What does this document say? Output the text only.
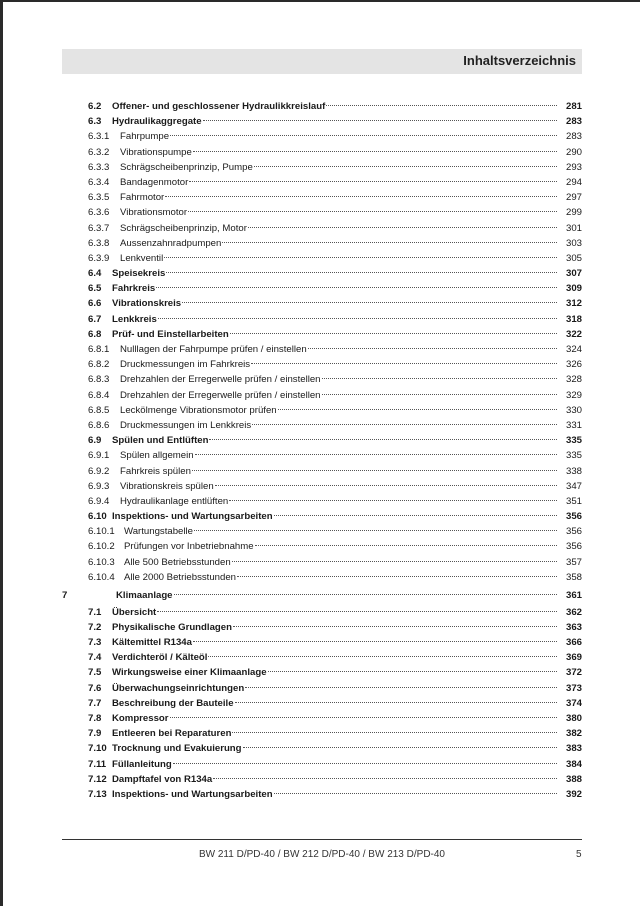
Inhaltsverzeichnis
6.2 Offener- und geschlossener Hydraulikkreislauf	281
6.3 Hydraulikaggregate	283
6.3.1	Fahrpumpe	283
6.3.2	Vibrationspumpe	290
6.3.3	Schrägscheibenprinzip, Pumpe	293
6.3.4	Bandagenmotor	294
6.3.5	Fahrmotor	297
6.3.6	Vibrationsmotor	299
6.3.7	Schrägscheibenprinzip, Motor	301
6.3.8	Aussenzahnradpumpen	303
6.3.9	Lenkventil	305
6.4 Speisekreis	307
6.5 Fahrkreis	309
6.6 Vibrationskreis	312
6.7 Lenkkreis	318
6.8 Prüf- und Einstellarbeiten	322
6.8.1	Nulllagen der Fahrpumpe prüfen / einstellen	324
6.8.2	Druckmessungen im Fahrkreis	326
6.8.3	Drehzahlen der Erregerwelle prüfen / einstellen	328
6.8.4	Drehzahlen der Erregerwelle prüfen / einstellen	329
6.8.5	Leckölmenge Vibrationsmotor prüfen	330
6.8.6	Druckmessungen im Lenkkreis	331
6.9 Spülen und Entlüften	335
6.9.1	Spülen allgemein	335
6.9.2	Fahrkreis spülen	338
6.9.3	Vibrationskreis spülen	347
6.9.4	Hydraulikanlage entlüften	351
6.10 Inspektions- und Wartungsarbeiten	356
6.10.1 Wartungstabelle	356
6.10.2 Prüfungen vor Inbetriebnahme	356
6.10.3 Alle 500 Betriebsstunden	357
6.10.4 Alle 2000 Betriebsstunden	358
7	Klimaanlage	361
7.1 Übersicht	362
7.2 Physikalische Grundlagen	363
7.3 Kältemittel R134a	366
7.4 Verdichteröl / Kälteöl	369
7.5 Wirkungsweise einer Klimaanlage	372
7.6 Überwachungseinrichtungen	373
7.7 Beschreibung der Bauteile	374
7.8 Kompressor	380
7.9 Entleeren bei Reparaturen	382
7.10 Trocknung und Evakuierung	383
7.11 Füllanleitung	384
7.12 Dampftafel von R134a	388
7.13 Inspektions- und Wartungsarbeiten	392
BW 211 D/PD-40 / BW 212 D/PD-40 / BW 213 D/PD-40	5
